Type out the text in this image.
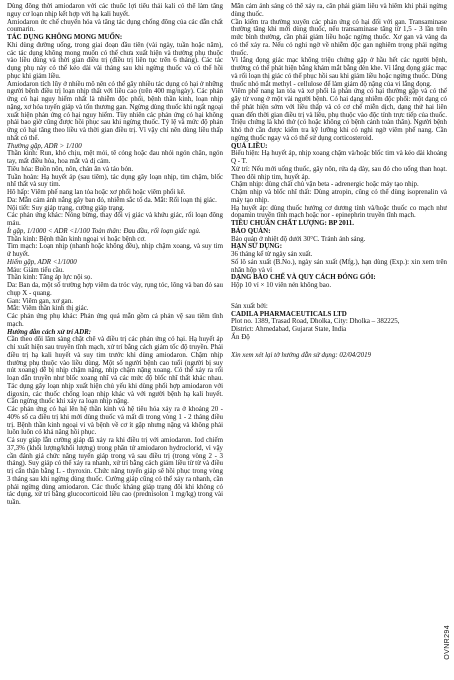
Dùng đồng thời amiodaron với các thuốc lợi tiểu thải kali có thể làm tăng nguy cơ loạn nhịp kết hợp với hạ kali huyết.

Amiodaron ức chế chuyển hóa và tăng tác dụng chống đông của các dẫn chất coumarin.

TÁC DỤNG KHÔNG MONG MUỐN:

Khi dùng đường uống, trong giai đoạn đầu tiên (vài ngày, tuần hoặc năm), các tác dụng không mong muốn có thể chưa xuất hiện và thường phụ thuộc vào liều dùng và thời gian điều trị (điều trị liên tục trên 6 tháng). Các tác dụng phụ này có thể kéo dài vài tháng sau khi ngừng thuốc và có thể hồi phục khi giảm liều.

Amiodaron tích lũy ở nhiều mô nên có thể gây nhiều tác dụng có hại ở những người bệnh điều trị loạn nhịp thất với liều cao (trên 400 mg/ngày). Các phản ứng có hại nguy hiểm nhất là nhiễm độc phổi, bệnh thần kinh, loạn nhịp nặng, xơ hóa tuyến giáp và tổn thương gan. Ngừng dùng thuốc khi ngất ngoại xuất hiện phản ứng có hại nguy hiểm. Tùy nhiên các phản ứng có hại không phải bao giờ cũng được hồi phục sau khi ngừng thuốc. Tỷ lệ và mức độ phản ứng có hại tăng theo liều và thời gian điều trị. Vì vậy chỉ nên dùng liều thấp nhất có thể.

Thường gặp, ADR > 1/100

Thần kinh: Run, khó chịu, mệt mỏi, tê cóng hoặc đau nhói ngón chân, ngón tay, mất điều hòa, hoa mắt và dị cảm.

Tiêu hóa: Buồn nôn, nôn, chán ăn và táo bón.

Tuần hoàn: Hạ huyết áp (sau tiêm), tác dụng gây loạn nhịp, tim chậm, blốc nhĩ thất và suy tim.

Hô hấp: Viêm phế nang lan tỏa hoặc xơ phổi hoặc viêm phổi kẽ.

Da: Mẫn cảm ánh nắng gây ban đỏ, nhiễm sắc tố da. Mắt: Rối loạn thị giác.

Nội tiết: Suy giáp trạng, cường giáp trạng.

Các phản ứng khác: Nóng bừng, thay đổi vị giác và khứu giác, rối loạn đông máu.

Ít gặp, 1/1000 < ADR <1/100 Toàn thân: Đau đầu, rối loạn giấc ngủ.

Thần kinh: Bệnh thần kinh ngoại vi hoặc bệnh cơ.

Tim mạch: Loạn nhịp (nhanh hoặc không đều), nhịp chậm xoang, và suy tim ứ huyết.

Hiếm gặp, ADR <1/1000

Máu: Giảm tiểu cầu.

Thần kinh: Tăng áp lực nội sọ.

Da: Ban da, một số trường hợp viêm da tróc vảy, rụng tóc, lông và ban đỏ sau chụp X - quang.

Gan: Viêm gan, xơ gan.

Mắt: Viêm thần kinh thị giác.

Các phản ứng phụ khác: Phản ứng quá mẫn gồm cả phản vệ sau tiêm tĩnh mạch.

Hướng dẫn cách xử trí ADR:

Cần theo dõi lâm sàng chặt chẽ và điều trị các phản ứng có hại. Hạ huyết áp chỉ xuất hiện sau truyền tĩnh mạch, xử trí bằng cách giảm tốc độ truyền. Phải điều trị hạ kali huyết và suy tim trước khi dùng amiodaron. Chậm nhịp thường phụ thuộc vào liều dùng. Một số người bệnh cao tuổi (người bị suy nút xoang) dễ bị nhịp chậm nặng, nhịp chậm nặng xoang. Có thể xảy ra rối loạn dẫn truyền như blốc xoang nhĩ và các mức độ blốc nhĩ thất khác nhau. Tác dụng gây loạn nhịp xuất hiện chủ yếu khi dùng phối hợp amiodaron với digoxin, các thuốc chống loạn nhịp khác và với người bệnh hạ kali huyết. Cần ngừng thuốc khi xảy ra loạn nhịp nặng.

Các phản ứng có hại lên hệ thần kinh và hệ tiêu hóa xảy ra ở khoảng 20 - 40% số ca điều trị khi mới dùng thuốc và mất đi trong vòng 1 - 2 tháng điều trị. Bệnh thần kinh ngoại vi và bệnh về cơ ít gặp nhưng nặng và không phải luôn luôn có khả năng hồi phục.

Cả suy giáp lẫn cường giáp đã xảy ra khi điều trị với amiodaron. Iod chiếm 37,3% (khối lượng/khối lượng) trong phân tử amiodaron hydroclorid, vì vậy cần đánh giá chức năng tuyến giáp trong và sau điều trị (trong vòng 2 - 3 tháng). Suy giáp có thể xảy ra nhanh, xử trí bằng cách giảm liều từ từ và điều trị cẩn thận bằng L - thyroxin. Chức năng tuyến giáp sẽ hồi phục trong vòng 3 tháng sau khi ngừng dùng thuốc. Cường giáp cũng có thể xảy ra nhanh, cần phải ngừng dùng amiodaron. Các thuốc kháng giáp trạng đôi khi không có tác dụng, xử trí bằng glucocorticoid liều cao (prednisolon 1 mg/kg) trong vài tuần.

Mẫn cảm ánh sáng có thể xảy ra, cần phải giảm liều và hiếm khi phải ngừng dùng thuốc.

Cần kiểm tra thường xuyên các phản ứng có hại đối với gan. Transaminase thường tăng khi mới dùng thuốc, nếu transaminase tăng từ 1,5 - 3 lần trên mức bình thường, cần phải giảm liều hoặc ngừng thuốc. Xơ gan và vàng da có thể xảy ra. Nếu có nghi ngờ về nhiễm độc gan nghiêm trọng phải ngừng thuốc.

Vì lắng đọng giác mạc không triệu chứng gặp ở hầu hết các người bệnh, thường có thể phát hiện bằng khám mắt bằng đèn khe. Vì lắng đọng giác mạc và rối loạn thị giác có thể phục hồi sau khi giảm liều hoặc ngừng thuốc. Dùng thuốc nhỏ mắt methyl - cellulose để làm giảm độ nặng của vi lắng đọng.

Viêm phế nang lan tỏa và xơ phổi là phản ứng có hại thường gặp và có thể gây tử vong ở một vài người bệnh. Có hai dạng nhiễm độc phổi: một dạng có thể phát hiện sớm với liều thấp và có cơ chế miễn dịch, dạng thứ hai liên quan đến thời gian điều trị và liều, phụ thuộc vào độc tính trực tiếp của thuốc. Triệu chứng là khó thở (có hoặc không có bệnh cảnh toàn thân). Người bệnh khó thở cần được kiểm tra kỹ lưỡng khi có nghi ngờ viêm phế nang. Cần ngừng thuốc ngay và có thể sử dụng corticosteroid.

QUÁ LIỀU:

Biểu hiện: Hạ huyết áp, nhịp xoang chậm và/hoặc blốc tim và kéo dài khoảng Q - T.

Xử trí: Nếu mới uống thuốc, gây nôn, rửa dạ dày, sau đó cho uống than hoạt. Theo dõi nhịp tim, huyết áp.

Chậm nhịp: dùng chất chủ vận beta - adrenergic hoặc máy tạo nhịp.

Chậm nhịp và blốc nhĩ thất: Dùng atropin, cũng có thể dùng isoprenalin và máy tạo nhịp.

Hạ huyết áp: dùng thuốc hướng cơ dương tính và/hoặc thuốc co mạch như dopamin truyền tĩnh mạch hoặc nor - epinephrin truyền tĩnh mạch.

TIÊU CHUẨN CHẤT LƯỢNG: BP 2011.

BẢO QUẢN:

Bảo quản ở nhiệt độ dưới 30°C. Tránh ánh sáng.

HẠN SỬ DỤNG:

36 tháng kể từ ngày sản xuất.

Số lô sản xuất (B.No.), ngày sản xuất (Mfg.), hạn dùng (Exp.): xin xem trên nhãn hộp và vỉ

DẠNG BÀO CHẾ VÀ QUY CÁCH ĐÓNG GÓI:

Hộp 10 vỉ × 10 viên nén không bao.

Sản xuất bởi:

CADILA PHARMACEUTICALS LTD

Plot no. 1389, Trasad Road, Dholka, City: Dholka – 382225,

District: Ahmedabad, Gujarat State, India

Ấn Độ

Xin xem xét lại tờ hướng dẫn sử dụng: 02/04/2019

OVNR294
